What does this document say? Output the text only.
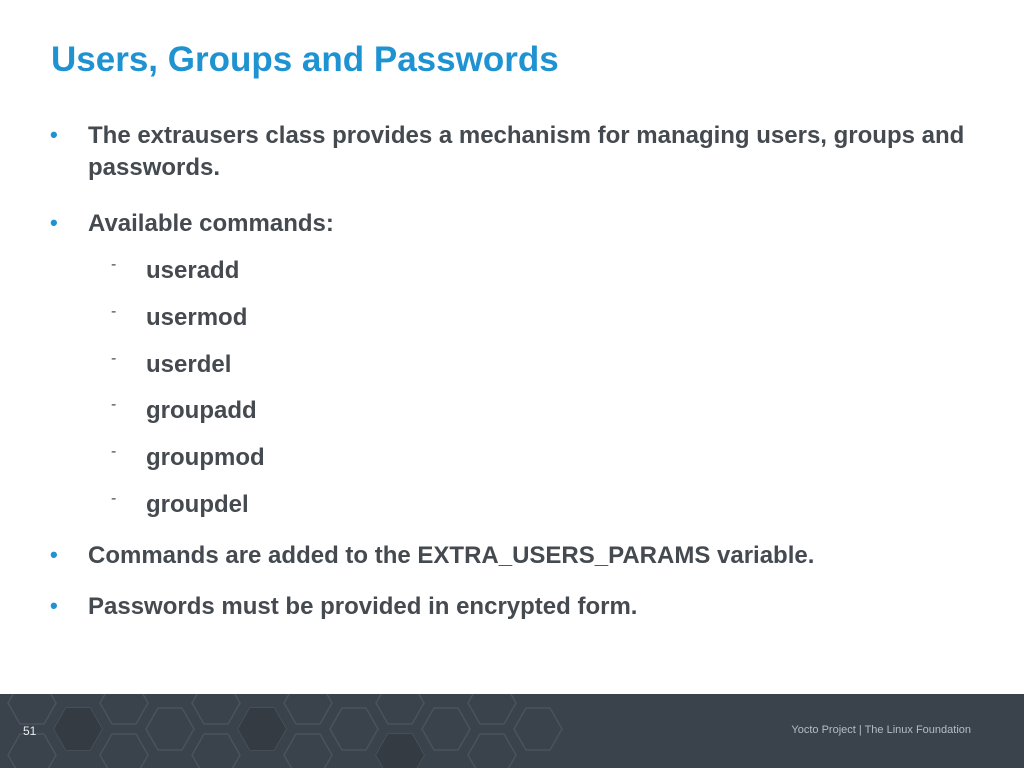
Users, Groups and Passwords
• The extrausers class provides a mechanism for managing users, groups and passwords.
• Available commands:
- useradd
- usermod
- userdel
- groupadd
- groupmod
- groupdel
• Commands are added to the EXTRA_USERS_PARAMS variable.
• Passwords must be provided in encrypted form.
51	Yocto Project | The Linux Foundation
